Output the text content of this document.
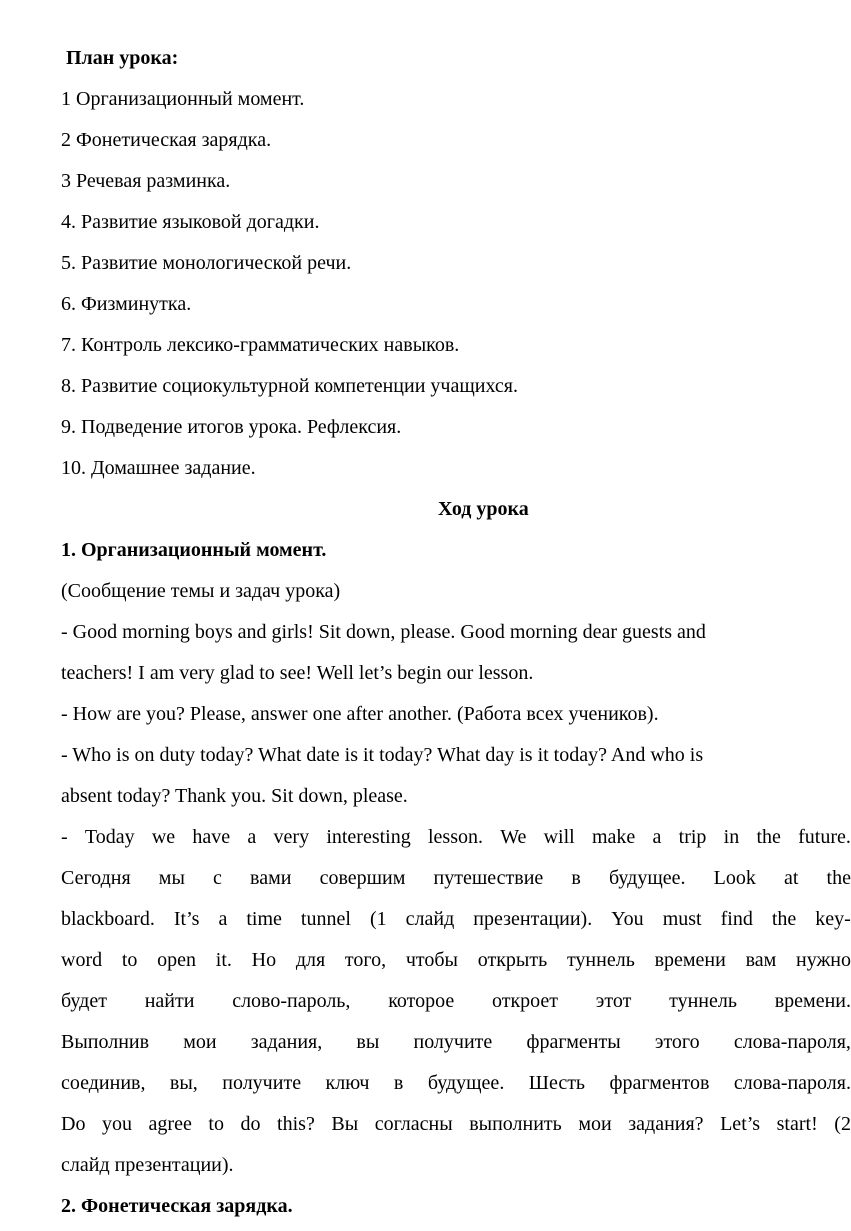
План урока:
1 Организационный момент.
2 Фонетическая зарядка.
3 Речевая разминка.
4. Развитие языковой догадки.
5. Развитие монологической речи.
6. Физминутка.
7. Контроль лексико-грамматических навыков.
8. Развитие социокультурной компетенции учащихся.
9. Подведение итогов урока. Рефлексия.
10. Домашнее задание.
Ход урока
1. Организационный момент.
(Сообщение темы и задач урока)
- Good morning boys and girls! Sit down, please. Good morning dear guests and
teachers! I am very glad to see! Well let’s begin our lesson.
- How are you? Please, answer one after another. (Работа всех учеников).
- Who is on duty today? What date is it today? What day is it today? And who is
absent today? Thank you. Sit down, please.
- Today we have a very interesting lesson. We will make a trip in the future.
Сегодня мы с вами совершим путешествие в будущее. Look at the
blackboard. It’s a time tunnel (1 слайд презентации). You must find the key-
word to open it. Но для того, чтобы открыть туннель времени вам нужно
будет найти слово-пароль, которое откроет этот туннель времени.
Выполнив мои задания, вы получите фрагменты этого слова-пароля,
соединив, вы, получите ключ в будущее. Шесть фрагментов слова-пароля.
Do you agree to do this? Вы согласны выполнить мои задания? Let’s start! (2
слайд презентации).
2. Фонетическая зарядка.
